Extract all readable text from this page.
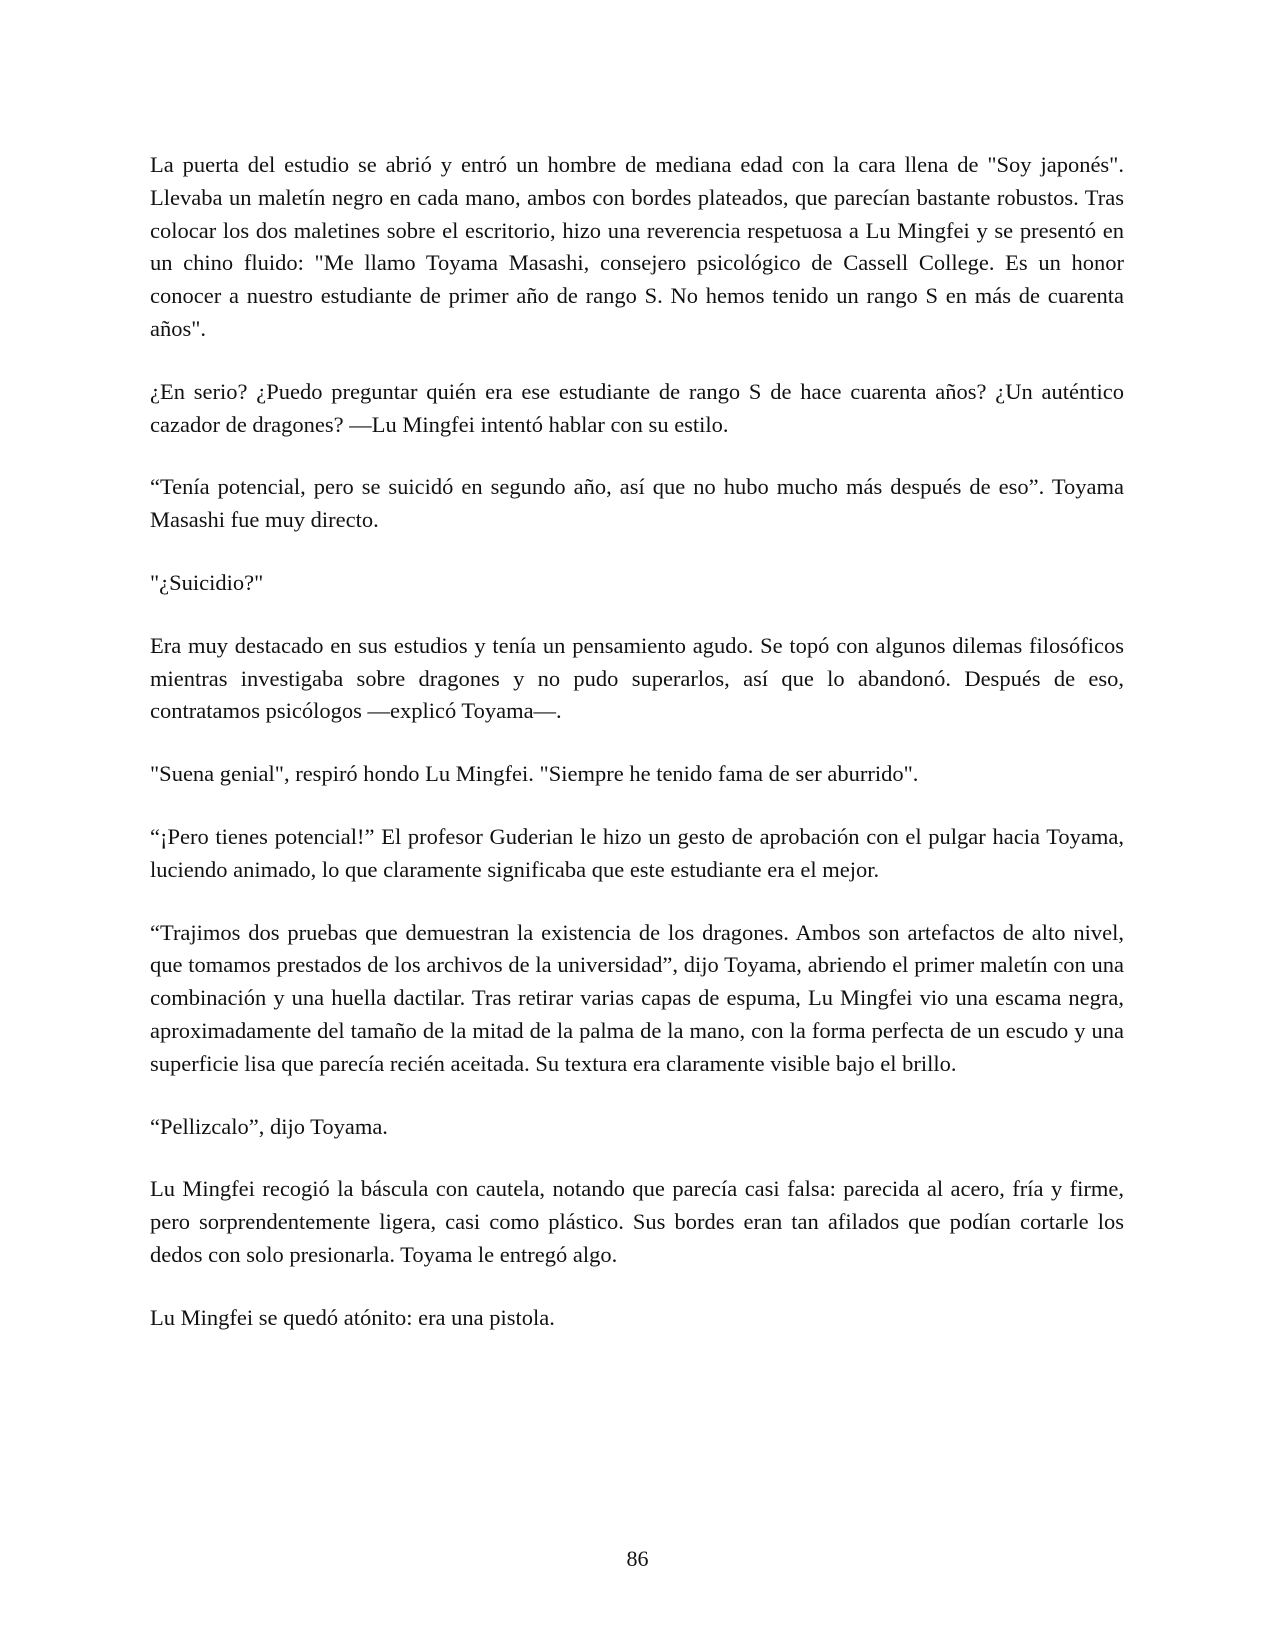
La puerta del estudio se abrió y entró un hombre de mediana edad con la cara llena de "Soy japonés". Llevaba un maletín negro en cada mano, ambos con bordes plateados, que parecían bastante robustos. Tras colocar los dos maletines sobre el escritorio, hizo una reverencia respetuosa a Lu Mingfei y se presentó en un chino fluido: "Me llamo Toyama Masashi, consejero psicológico de Cassell College. Es un honor conocer a nuestro estudiante de primer año de rango S. No hemos tenido un rango S en más de cuarenta años".

¿En serio? ¿Puedo preguntar quién era ese estudiante de rango S de hace cuarenta años? ¿Un auténtico cazador de dragones? —Lu Mingfei intentó hablar con su estilo.

“Tenía potencial, pero se suicidó en segundo año, así que no hubo mucho más después de eso”. Toyama Masashi fue muy directo.

"¿Suicidio?"

Era muy destacado en sus estudios y tenía un pensamiento agudo. Se topó con algunos dilemas filosóficos mientras investigaba sobre dragones y no pudo superarlos, así que lo abandonó. Después de eso, contratamos psicólogos —explicó Toyama—.

"Suena genial", respiró hondo Lu Mingfei. "Siempre he tenido fama de ser aburrido".

“¡Pero tienes potencial!” El profesor Guderian le hizo un gesto de aprobación con el pulgar hacia Toyama, luciendo animado, lo que claramente significaba que este estudiante era el mejor.

“Trajimos dos pruebas que demuestran la existencia de los dragones. Ambos son artefactos de alto nivel, que tomamos prestados de los archivos de la universidad”, dijo Toyama, abriendo el primer maletín con una combinación y una huella dactilar. Tras retirar varias capas de espuma, Lu Mingfei vio una escama negra, aproximadamente del tamaño de la mitad de la palma de la mano, con la forma perfecta de un escudo y una superficie lisa que parecía recién aceitada. Su textura era claramente visible bajo el brillo.

“Pellizcalo”, dijo Toyama.

Lu Mingfei recogió la báscula con cautela, notando que parecía casi falsa: parecida al acero, fría y firme, pero sorprendentemente ligera, casi como plástico. Sus bordes eran tan afilados que podían cortarle los dedos con solo presionarla. Toyama le entregó algo.

Lu Mingfei se quedó atónito: era una pistola.

86
